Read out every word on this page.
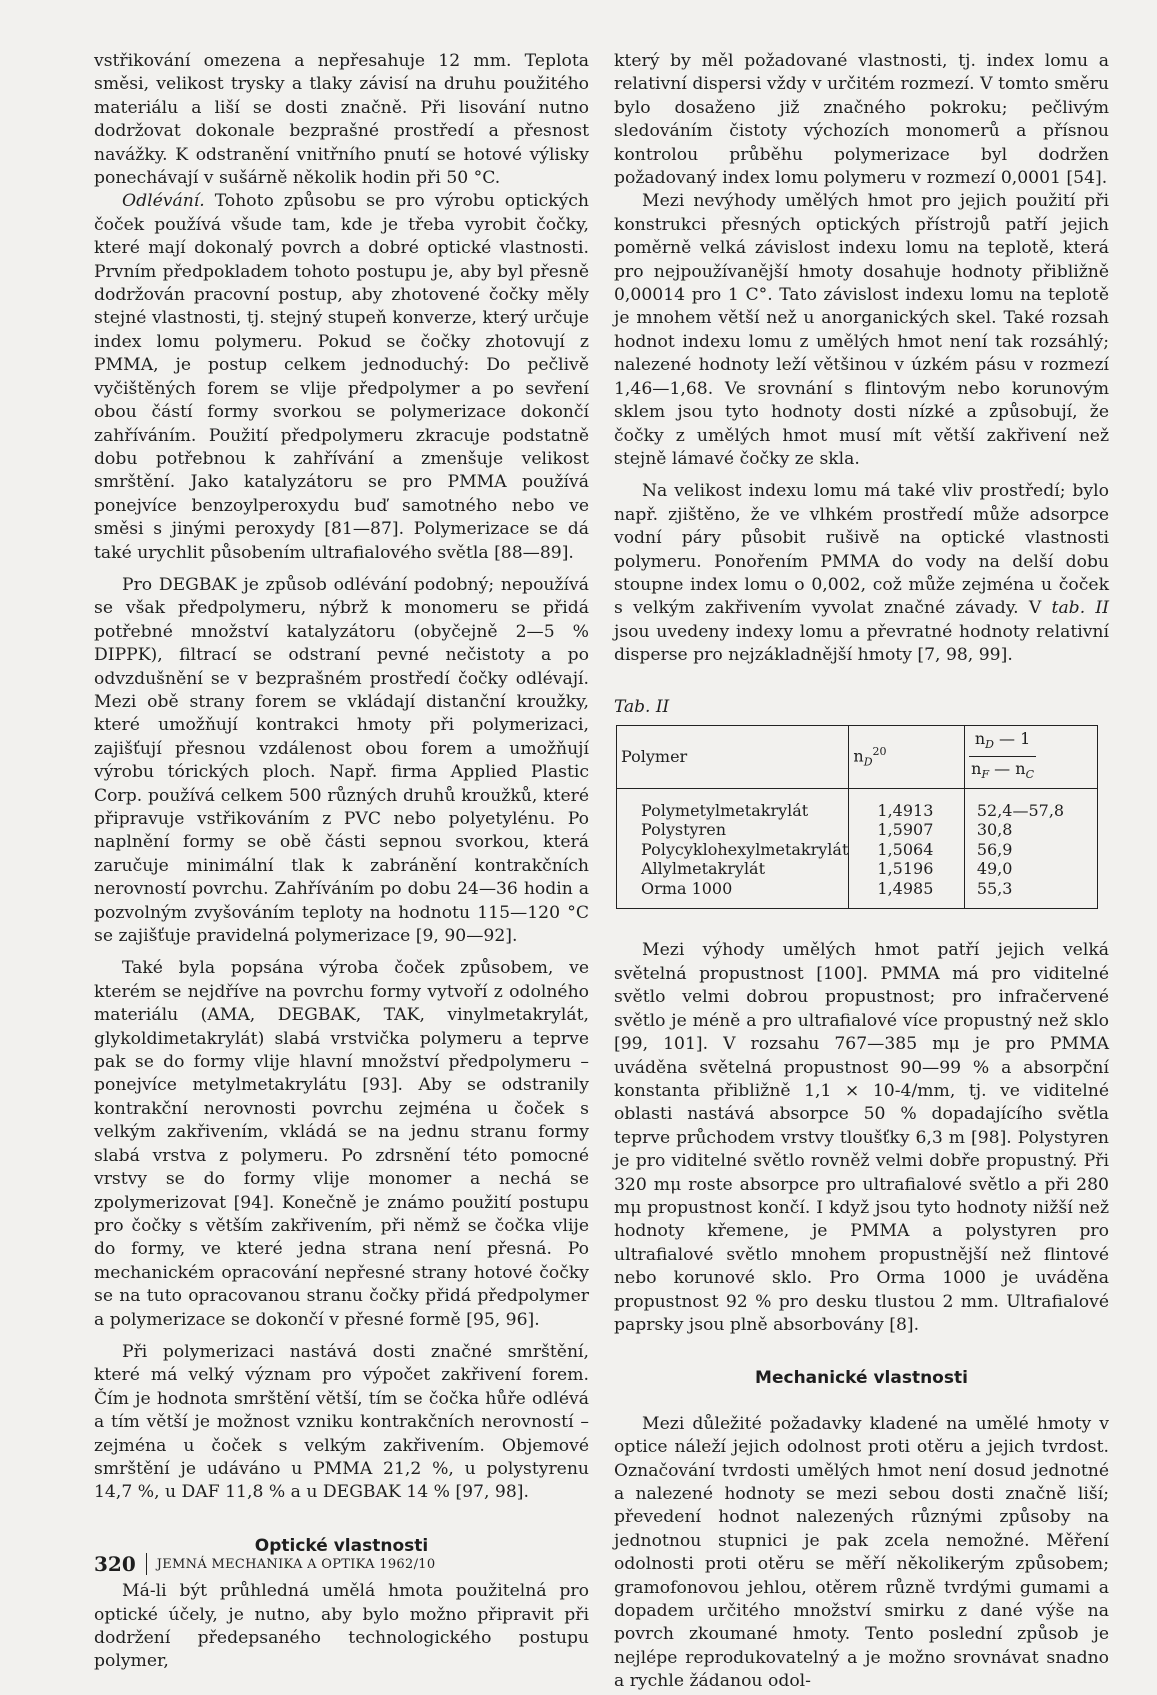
vstřikování omezena a nepřesahuje 12 mm. Teplota směsi, velikost trysky a tlaky závisí na druhu použitého materiálu a liší se dosti značně. Při lisování nutno dodržovat dokonale bezprašné prostředí a přesnost navážky. K odstranění vnitřního pnutí se hotové výlisky ponechávají v sušárně několik hodin při 50 °C.

Odlévání. Tohoto způsobu se pro výrobu optických čoček používá všude tam, kde je třeba vyrobit čočky, které mají dokonalý povrch a dobré optické vlastnosti. Prvním předpokladem tohoto postupu je, aby byl přesně dodržován pracovní postup, aby zhotovené čočky měly stejné vlastnosti, tj. stejný stupeň konverze, který určuje index lomu polymeru. Pokud se čočky zhotovují z PMMA, je postup celkem jednoduchý: Do pečlivě vyčištěných forem se vlije předpolymer a po sevření obou částí formy svorkou se polymerizace dokončí zahříváním. Použití předpolymeru zkracuje podstatně dobu potřebnou k zahřívání a zmenšuje velikost smrštění. Jako katalyzátoru se pro PMMA používá ponejvíce benzoylperoxydu buď samotného nebo ve směsi s jinými peroxydy [81—87]. Polymerizace se dá také urychlit působením ultrafialového světla [88—89].

Pro DEGBAK je způsob odlévání podobný; nepoužívá se však předpolymeru, nýbrž k monomeru se přidá potřebné množství katalyzátoru (obyčejně 2—5 % DIPPK), filtrací se odstraní pevné nečistoty a po odvzdušnění se v bezprašném prostředí čočky odlévají. Mezi obě strany forem se vkládají distanční kroužky, které umožňují kontrakci hmoty při polymerizaci, zajišťují přesnou vzdálenost obou forem a umožňují výrobu tórických ploch. Např. firma Applied Plastic Corp. používá celkem 500 různých druhů kroužků, které připravuje vstřikováním z PVC nebo polyetylénu. Po naplnění formy se obě části sepnou svorkou, která zaručuje minimální tlak k zabránění kontrakčních nerovností povrchu. Zahříváním po dobu 24—36 hodin a pozvolným zvyšováním teploty na hodnotu 115—120 °C se zajišťuje pravidelná polymerizace [9, 90—92].

Také byla popsána výroba čoček způsobem, ve kterém se nejdříve na povrchu formy vytvoří z odolného materiálu (AMA, DEGBAK, TAK, vinylmetakrylát, glykoldimetakrylát) slabá vrstvička polymeru a teprve pak se do formy vlije hlavní množství předpolymeru – ponejvíce metylmetakrylátu [93]. Aby se odstranily kontrakční nerovnosti povrchu zejména u čoček s velkým zakřivením, vkládá se na jednu stranu formy slabá vrstva z polymeru. Po zdrsnění této pomocné vrstvy se do formy vlije monomer a nechá se zpolymerizovat [94]. Konečně je známo použití postupu pro čočky s větším zakřivením, při němž se čočka vlije do formy, ve které jedna strana není přesná. Po mechanickém opracování nepřesné strany hotové čočky se na tuto opracovanou stranu čočky přidá předpolymer a polymerizace se dokončí v přesné formě [95, 96].

Při polymerizaci nastává dosti značné smrštění, které má velký význam pro výpočet zakřivení forem. Čím je hodnota smrštění větší, tím se čočka hůře odlévá a tím větší je možnost vzniku kontrakčních nerovností – zejména u čoček s velkým zakřivením. Objemové smrštění je udáváno u PMMA 21,2 %, u polystyrenu 14,7 %, u DAF 11,8 % a u DEGBAK 14 % [97, 98].

Optické vlastnosti

Má-li být průhledná umělá hmota použitelná pro optické účely, je nutno, aby bylo možno připravit při dodržení předepsaného technologického postupu polymer,

který by měl požadované vlastnosti, tj. index lomu a relativní dispersi vždy v určitém rozmezí. V tomto směru bylo dosaženo již značného pokroku; pečlivým sledováním čistoty výchozích monomerů a přísnou kontrolou průběhu polymerizace byl dodržen požadovaný index lomu polymeru v rozmezí 0,0001 [54].

Mezi nevýhody umělých hmot pro jejich použití při konstrukci přesných optických přístrojů patří jejich poměrně velká závislost indexu lomu na teplotě, která pro nejpoužívanější hmoty dosahuje hodnoty přibližně 0,00014 pro 1 C°. Tato závislost indexu lomu na teplotě je mnohem větší než u anorganických skel. Také rozsah hodnot indexu lomu z umělých hmot není tak rozsáhlý; nalezené hodnoty leží většinou v úzkém pásu v rozmezí 1,46—1,68. Ve srovnání s flintovým nebo korunovým sklem jsou tyto hodnoty dosti nízké a způsobují, že čočky z umělých hmot musí mít větší zakřivení než stejně lámavé čočky ze skla.

Na velikost indexu lomu má také vliv prostředí; bylo např. zjištěno, že ve vlhkém prostředí může adsorpce vodní páry působit rušivě na optické vlastnosti polymeru. Ponořením PMMA do vody na delší dobu stoupne index lomu o 0,002, což může zejména u čoček s velkým zakřivením vyvolat značné závady. V tab. II jsou uvedeny indexy lomu a převratné hodnoty relativní disperse pro nejzákladnější hmoty [7, 98, 99].

Tab. II
Polymer	$n_D^{20}$	$\frac{n_D — 1}{n_F — n_C}$

Polymetylmetakrylát	1,4913	52,4—57,8
Polystyren	1,5907	30,8
Polycyklohexylmetakrylát	1,5064	56,9
Allylmetakrylát	1,5196	49,0
Orma 1000	1,4985	55,3

Mezi výhody umělých hmot patří jejich velká světelná propustnost [100]. PMMA má pro viditelné světlo velmi dobrou propustnost; pro infračervené světlo je méně a pro ultrafialové více propustný než sklo [99, 101]. V rozsahu 767—385 mμ je pro PMMA uváděna světelná propustnost 90—99 % a absorpční konstanta přibližně 1,1 × 10-4/mm, tj. ve viditelné oblasti nastává absorpce 50 % dopadajícího světla teprve průchodem vrstvy tloušťky 6,3 m [98]. Polystyren je pro viditelné světlo rovněž velmi dobře propustný. Při 320 mμ roste absorpce pro ultrafialové světlo a při 280 mμ propustnost končí. I když jsou tyto hodnoty nižší než hodnoty křemene, je PMMA a polystyren pro ultrafialové světlo mnohem propustnější než flintové nebo korunové sklo. Pro Orma 1000 je uváděna propustnost 92 % pro desku tlustou 2 mm. Ultrafialové paprsky jsou plně absorbovány [8].

Mechanické vlastnosti

Mezi důležité požadavky kladené na umělé hmoty v optice náleží jejich odolnost proti otěru a jejich tvrdost. Označování tvrdosti umělých hmot není dosud jednotné a nalezené hodnoty se mezi sebou dosti značně liší; převedení hodnot nalezených různými způsoby na jednotnou stupnici je pak zcela nemožné. Měření odolnosti proti otěru se měří několikerým způsobem; gramofonovou jehlou, otěrem různě tvrdými gumami a dopadem určitého množství smirku z dané výše na povrch zkoumané hmoty. Tento poslední způsob je nejlépe reprodukovatelný a je možno srovnávat snadno a rychle žádanou odol-

320 JEMNÁ MECHANIKA A OPTIKA 1962/10
